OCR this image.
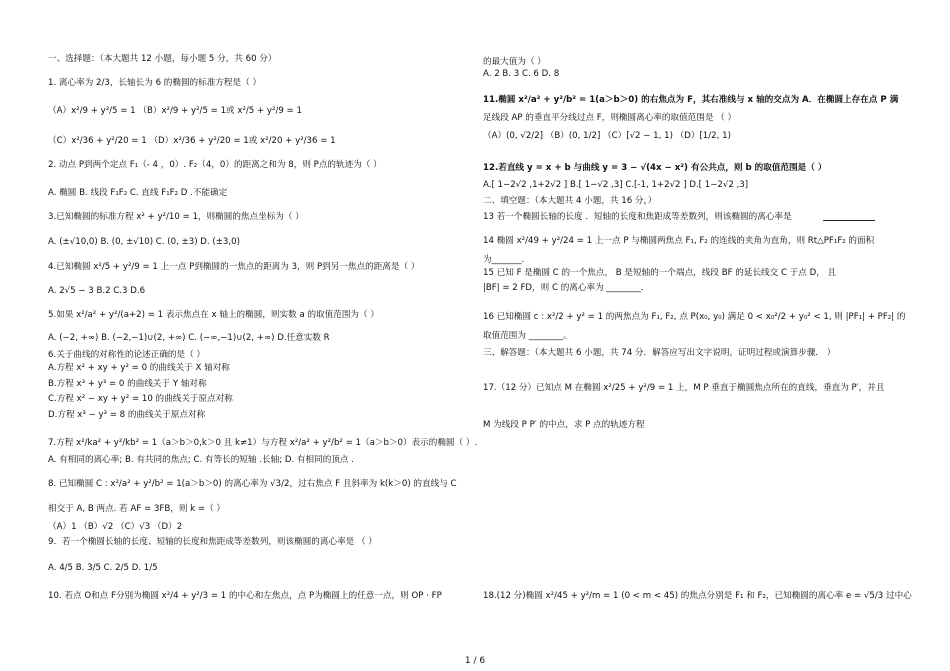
一、选择题：（本大题共 12 小题，每小题 5 分，共 60 分）
1. 离心率为 2/3，长轴长为 6 的椭圆的标准方程是（ ）
（A）x²/9 + y²/5 = 1 （B）x²/9 + y²/5 = 1或 x²/5 + y²/9 = 1
（C）x²/36 + y²/20 = 1 （D）x²/36 + y²/20 = 1或 x²/20 + y²/36 = 1
2. 动点 P到两个定点 F₁（- 4 ，0）. F₂（4，0）的距离之和为 8，则 P点的轨迹为（ ）
A. 椭圆 B. 线段 F₁F₂ C. 直线 F₁F₂ D .不能确定
3.已知椭圆的标准方程 x² + y²/10 = 1，则椭圆的焦点坐标为（ ）
A. (±√10,0) B. (0, ±√10) C. (0, ±3) D. (±3,0)
4.已知椭圆 x²/5 + y²/9 = 1 上一点 P到椭圆的一焦点的距离为 3，则 P到另一焦点的距离是（ ）
A. 2√5 − 3 B.2 C.3 D.6
5.如果 x²/a² + y²/(a+2) = 1 表示焦点在 x 轴上的椭圆，则实数 a 的取值范围为（ ）
A. (−2, +∞) B. (−2,−1)∪(2, +∞) C. (−∞,−1)∪(2, +∞) D.任意实数 R
6.关于曲线的对称性的论述正确的是（ ）
A.方程 x² + xy + y² = 0 的曲线关于 X 轴对称
B.方程 x³ + y³ = 0 的曲线关于 Y 轴对称
C.方程 x² − xy + y² = 10 的曲线关于原点对称
D.方程 x³ − y³ = 8 的曲线关于原点对称
7.方程 x²/ka² + y²/kb² = 1（a＞b＞0,k＞0 且 k≠1）与方程 x²/a² + y²/b² = 1（a＞b＞0）表示的椭圆（ ）.
A. 有相同的离心率; B. 有共同的焦点; C. 有等长的短轴 .长轴; D. 有相同的顶点 .
8. 已知椭圆 C : x²/a² + y²/b² = 1(a＞b＞0) 的离心率为 √3/2，过右焦点 F 且斜率为 k(k＞0) 的直线与 C
相交于 A, B 两点. 若 AF = 3FB，则 k =（ ）
（A）1 （B）√2 （C）√3 （D）2
9．若一个椭圆长轴的长度、短轴的长度和焦距成等差数列，则该椭圆的离心率是 （ ）
A. 4/5 B. 3/5 C. 2/5 D. 1/5
10. 若点 O和点 F分别为椭圆 x²/4 + y²/3 = 1 的中心和左焦点，点 P为椭圆上的任意一点，则 OP · FP
的最大值为（ ）
A. 2 B. 3 C. 6 D. 8
11.椭圆 x²/a² + y²/b² = 1(a＞b＞0) 的右焦点为 F，其右准线与 x 轴的交点为 A．在椭圆上存在点 P 满
足线段 AP 的垂直平分线过点 F，则椭圆离心率的取值范围是 （ ）
（A）(0, √2/2] （B）(0, 1/2] （C）[√2 − 1, 1) （D）[1/2, 1)
12.若直线 y = x + b 与曲线 y = 3 − √(4x − x²) 有公共点，则 b 的取值范围是（ ）
A.[ 1−2√2 ,1+2√2 ] B.[ 1−√2 ,3] C.[-1, 1+2√2 ] D.[ 1−2√2 ,3]
二、填空题：（本大题共 4 小题，共 16 分，）
13 若一个椭圆长轴的长度 ．短轴的长度和焦距成等差数列，则该椭圆的离心率是
14 椭圆 x²/49 + y²/24 = 1 上一点 P 与椭圆两焦点 F₁, F₂ 的连线的夹角为直角，则 Rt△PF₁F₂ 的面积
为_______．
15 已知 F 是椭圆 C 的一个焦点， B 是短轴的一个端点，线段 BF 的延长线交 C 于点 D， 且
|BF| = 2 FD，则 C 的离心率为 ________．
16 已知椭圆 c : x²/2 + y² = 1 的两焦点为 F₁, F₂, 点 P(x₀, y₀) 满足 0 < x₀²/2 + y₀² < 1, 则 |PF₁| + PF₂| 的
取值范围为 ________。
三、解答题：（本大题共 6 小题，共 74 分．解答应写出文字说明，证明过程或演算步骤． ）
17.（12 分）已知点 M 在椭圆 x²/25 + y²/9 = 1 上，M P 垂直于椭圆焦点所在的直线，垂直为 P′，并且
M 为线段 P P′ 的中点，求 P 点的轨迹方程
18.(12 分)椭圆 x²/45 + y²/m = 1 (0 < m < 45) 的焦点分别是 F₁ 和 F₂，已知椭圆的离心率 e = √5/3 过中心
1 / 6
